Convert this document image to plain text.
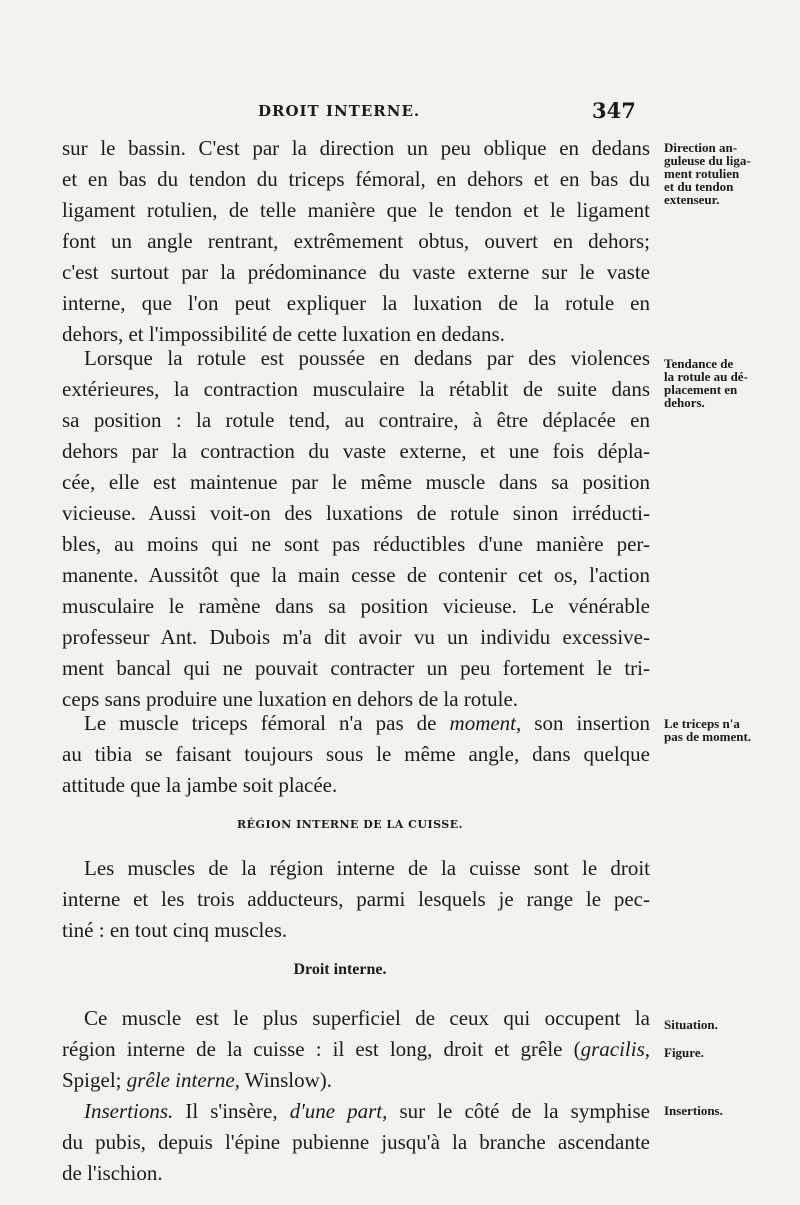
DROIT INTERNE.	347
sur le bassin. C'est par la direction un peu oblique en dedans
et en bas du tendon du triceps fémoral, en dehors et en bas du
ligament rotulien, de telle manière que le tendon et le ligament
font un angle rentrant, extrêmement obtus, ouvert en dehors;
c'est surtout par la prédominance du vaste externe sur le vaste
interne, que l'on peut expliquer la luxation de la rotule en
dehors, et l'impossibilité de cette luxation en dedans.
Lorsque la rotule est poussée en dedans par des violences
extérieures, la contraction musculaire la rétablit de suite dans
sa position : la rotule tend, au contraire, à être déplacée en
dehors par la contraction du vaste externe, et une fois dépla-
cée, elle est maintenue par le même muscle dans sa position
vicieuse. Aussi voit-on des luxations de rotule sinon irréducti-
bles, au moins qui ne sont pas réductibles d'une manière per-
manente. Aussitôt que la main cesse de contenir cet os, l'action
musculaire le ramène dans sa position vicieuse. Le vénérable
professeur Ant. Dubois m'a dit avoir vu un individu excessive-
ment bancal qui ne pouvait contracter un peu fortement le tri-
ceps sans produire une luxation en dehors de la rotule.
Le muscle triceps fémoral n'a pas de moment, son insertion
au tibia se faisant toujours sous le même angle, dans quelque
attitude que la jambe soit placée.
RÉGION INTERNE DE LA CUISSE.
Les muscles de la région interne de la cuisse sont le droit
interne et les trois adducteurs, parmi lesquels je range le pec-
tiné : en tout cinq muscles.
Droit interne.
Ce muscle est le plus superficiel de ceux qui occupent la
région interne de la cuisse : il est long, droit et grêle (gracilis,
Spigel; grêle interne, Winslow).
Insertions. Il s'insère, d'une part, sur le côté de la symphise
du pubis, depuis l'épine pubienne jusqu'à la branche ascendante
de l'ischion.
Direction an-
guleuse du liga-
ment rotulien
et du tendon
extenseur.
Tendance de
la rotule au dé-
placement en
dehors.
Le triceps n'a
pas de moment.
Situation.
Figure.
Insertions.
